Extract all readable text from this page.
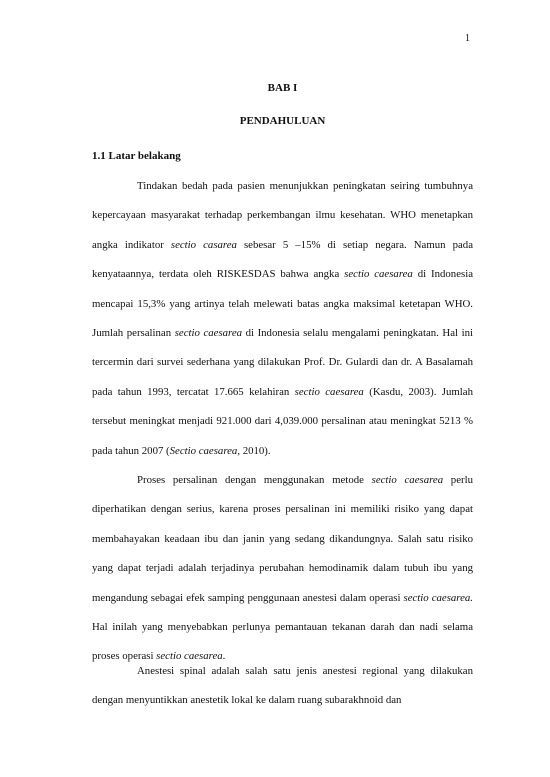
1
BAB I
PENDAHULUAN
1.1 Latar belakang

Tindakan bedah pada pasien menunjukkan peningkatan seiring tumbuhnya kepercayaan masyarakat terhadap perkembangan ilmu kesehatan. WHO menetapkan angka indikator sectio casarea sebesar 5 –15% di setiap negara. Namun pada kenyataannya, terdata oleh RISKESDAS bahwa angka sectio caesarea di Indonesia mencapai 15,3% yang artinya telah melewati batas angka maksimal ketetapan WHO. Jumlah persalinan sectio caesarea di Indonesia selalu mengalami peningkatan. Hal ini tercermin dari survei sederhana yang dilakukan Prof. Dr. Gulardi dan dr. A Basalamah pada tahun 1993, tercatat 17.665 kelahiran sectio caesarea (Kasdu, 2003). Jumlah tersebut meningkat menjadi 921.000 dari 4,039.000 persalinan atau meningkat 5213 % pada tahun 2007 (Sectio caesarea, 2010).

Proses persalinan dengan menggunakan metode sectio caesarea perlu diperhatikan dengan serius, karena proses persalinan ini memiliki risiko yang dapat membahayakan keadaan ibu dan janin yang sedang dikandungnya. Salah satu risiko yang dapat terjadi adalah terjadinya perubahan hemodinamik dalam tubuh ibu yang mengandung sebagai efek samping penggunaan anestesi dalam operasi sectio caesarea. Hal inilah yang menyebabkan perlunya pemantauan tekanan darah dan nadi selama proses operasi sectio caesarea.

Anestesi spinal adalah salah satu jenis anestesi regional yang dilakukan dengan menyuntikkan anestetik lokal ke dalam ruang subarakhnoid dan
